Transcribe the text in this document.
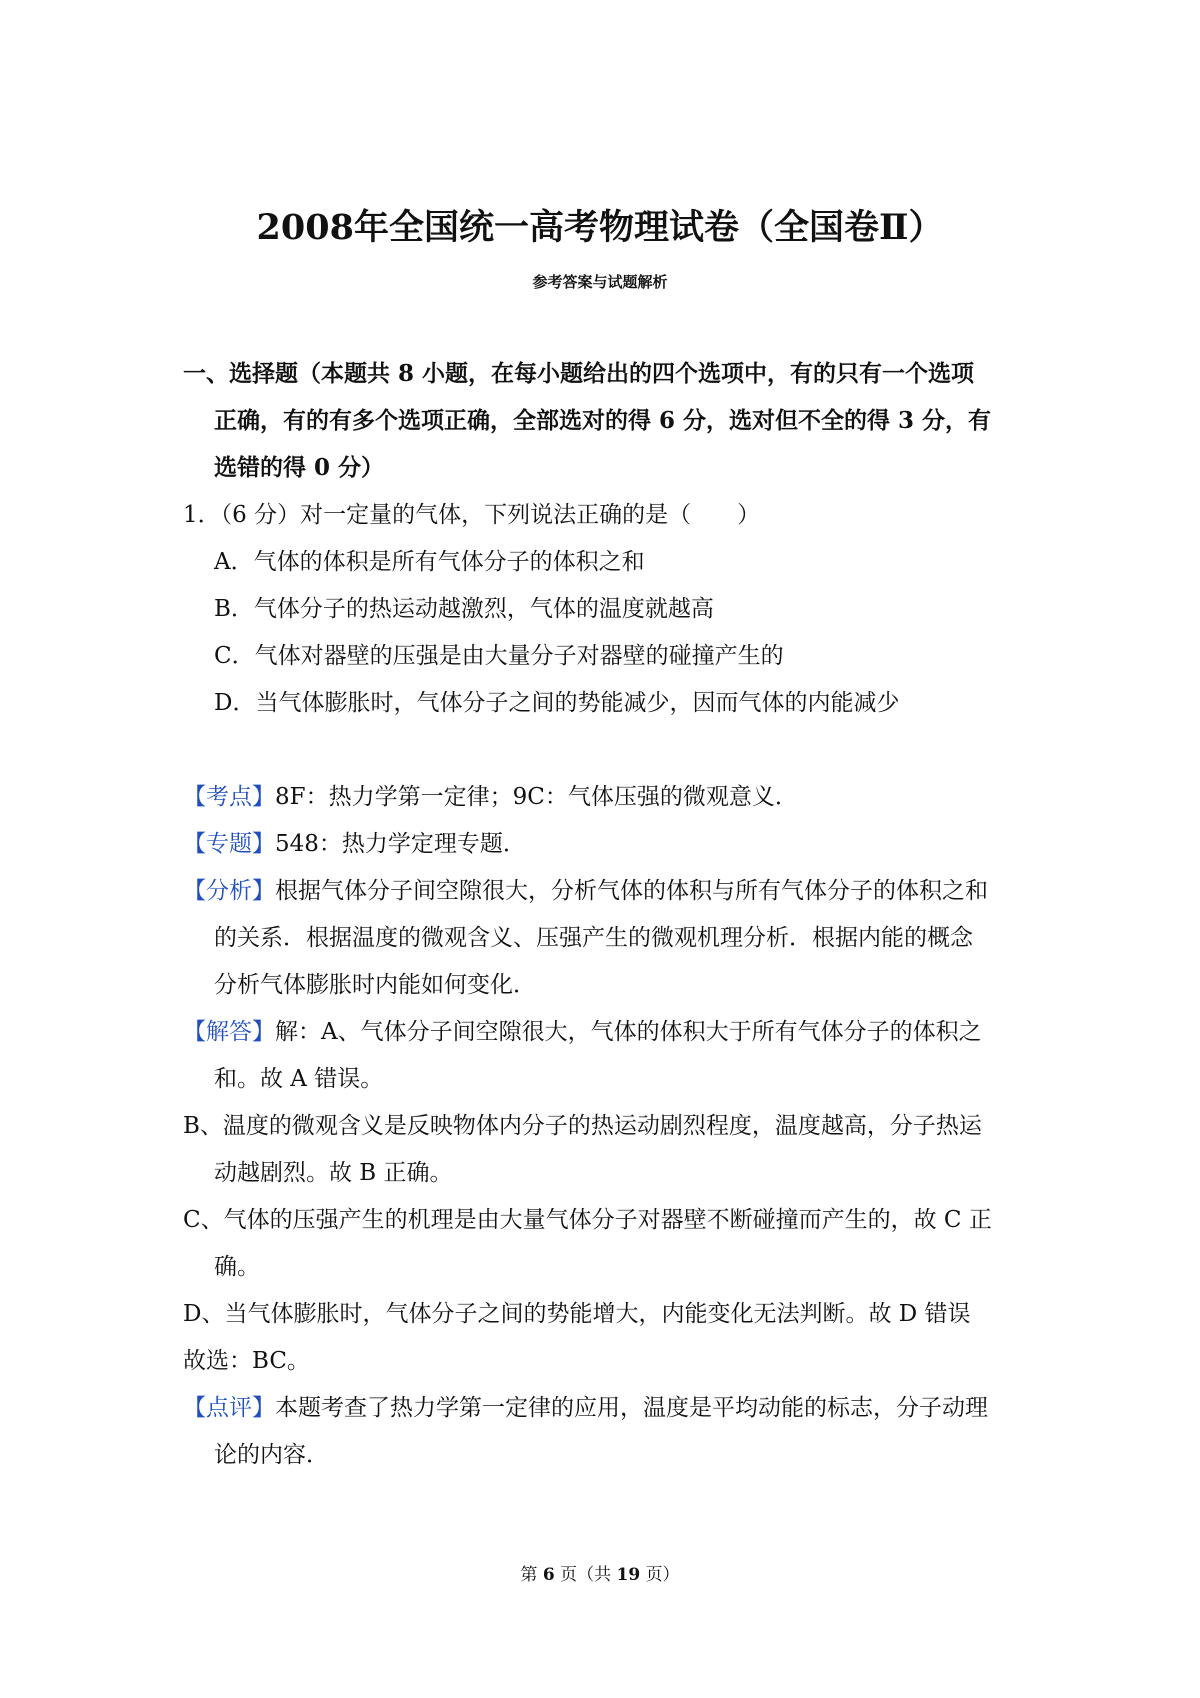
2008年全国统一高考物理试卷（全国卷Ⅱ）
参考答案与试题解析
一、选择题（本题共 8 小题，在每小题给出的四个选项中，有的只有一个选项
正确，有的有多个选项正确，全部选对的得 6 分，选对但不全的得 3 分，有
选错的得 0 分）
1．（6 分）对一定量的气体，下列说法正确的是（　　）
A．气体的体积是所有气体分子的体积之和
B．气体分子的热运动越激烈，气体的温度就越高
C．气体对器壁的压强是由大量分子对器壁的碰撞产生的
D．当气体膨胀时，气体分子之间的势能减少，因而气体的内能减少
【考点】8F：热力学第一定律；9C：气体压强的微观意义．
【专题】548：热力学定理专题．
【分析】根据气体分子间空隙很大，分析气体的体积与所有气体分子的体积之和
的关系．根据温度的微观含义、压强产生的微观机理分析．根据内能的概念
分析气体膨胀时内能如何变化．
【解答】解：A、气体分子间空隙很大，气体的体积大于所有气体分子的体积之
和。故 A 错误。
B、温度的微观含义是反映物体内分子的热运动剧烈程度，温度越高，分子热运
动越剧烈。故 B 正确。
C、气体的压强产生的机理是由大量气体分子对器壁不断碰撞而产生的，故 C 正
确。
D、当气体膨胀时，气体分子之间的势能增大，内能变化无法判断。故 D 错误
故选：BC。
【点评】本题考查了热力学第一定律的应用，温度是平均动能的标志，分子动理
论的内容．
第 6 页（共 19 页）
